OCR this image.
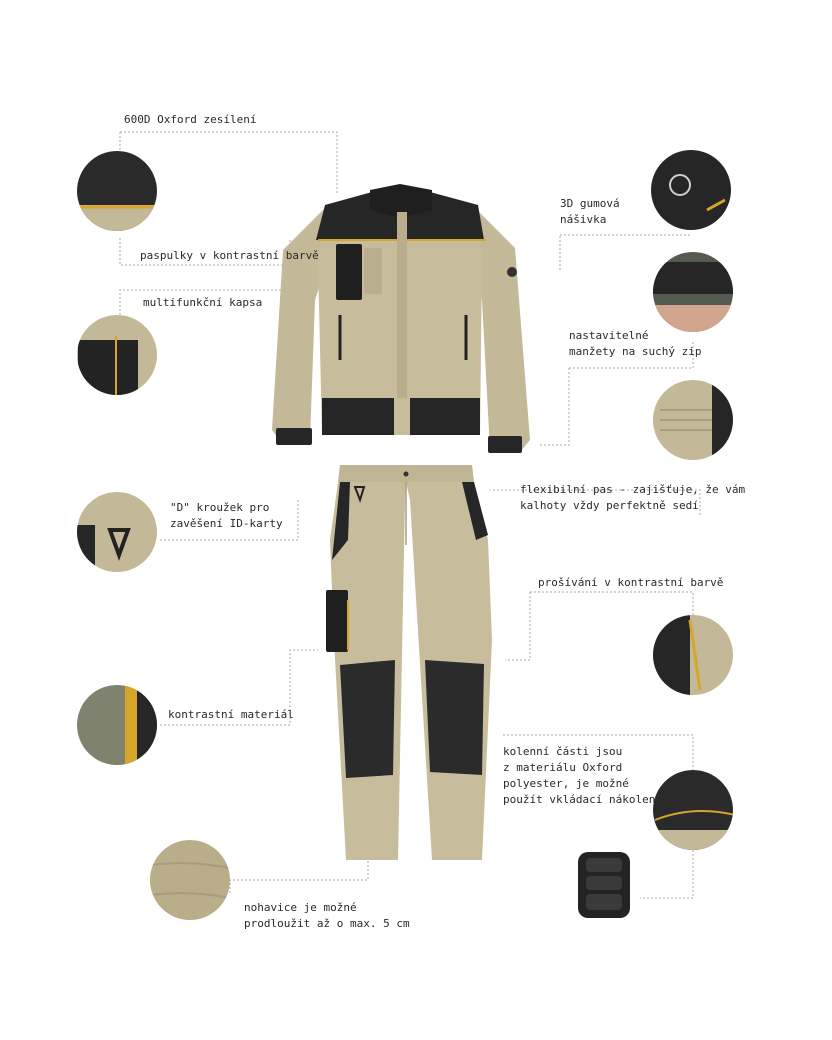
600D Oxford zesílení
paspulky v kontrastní barvě
multifunkční kapsa
3D gumová
nášivka
nastavitelné
manžety na suchý zip
flexibilní pas - zajišťuje, že vám
kalhoty vždy perfektně sedí
"D" kroužek pro
zavěšení ID-karty
prošívání v kontrastní barvě
kontrastní materiál
kolenní části jsou
z materiálu Oxford
polyester, je možné
použít vkládací nákoleníky
nohavice je možné
prodloužit až o max. 5 cm
